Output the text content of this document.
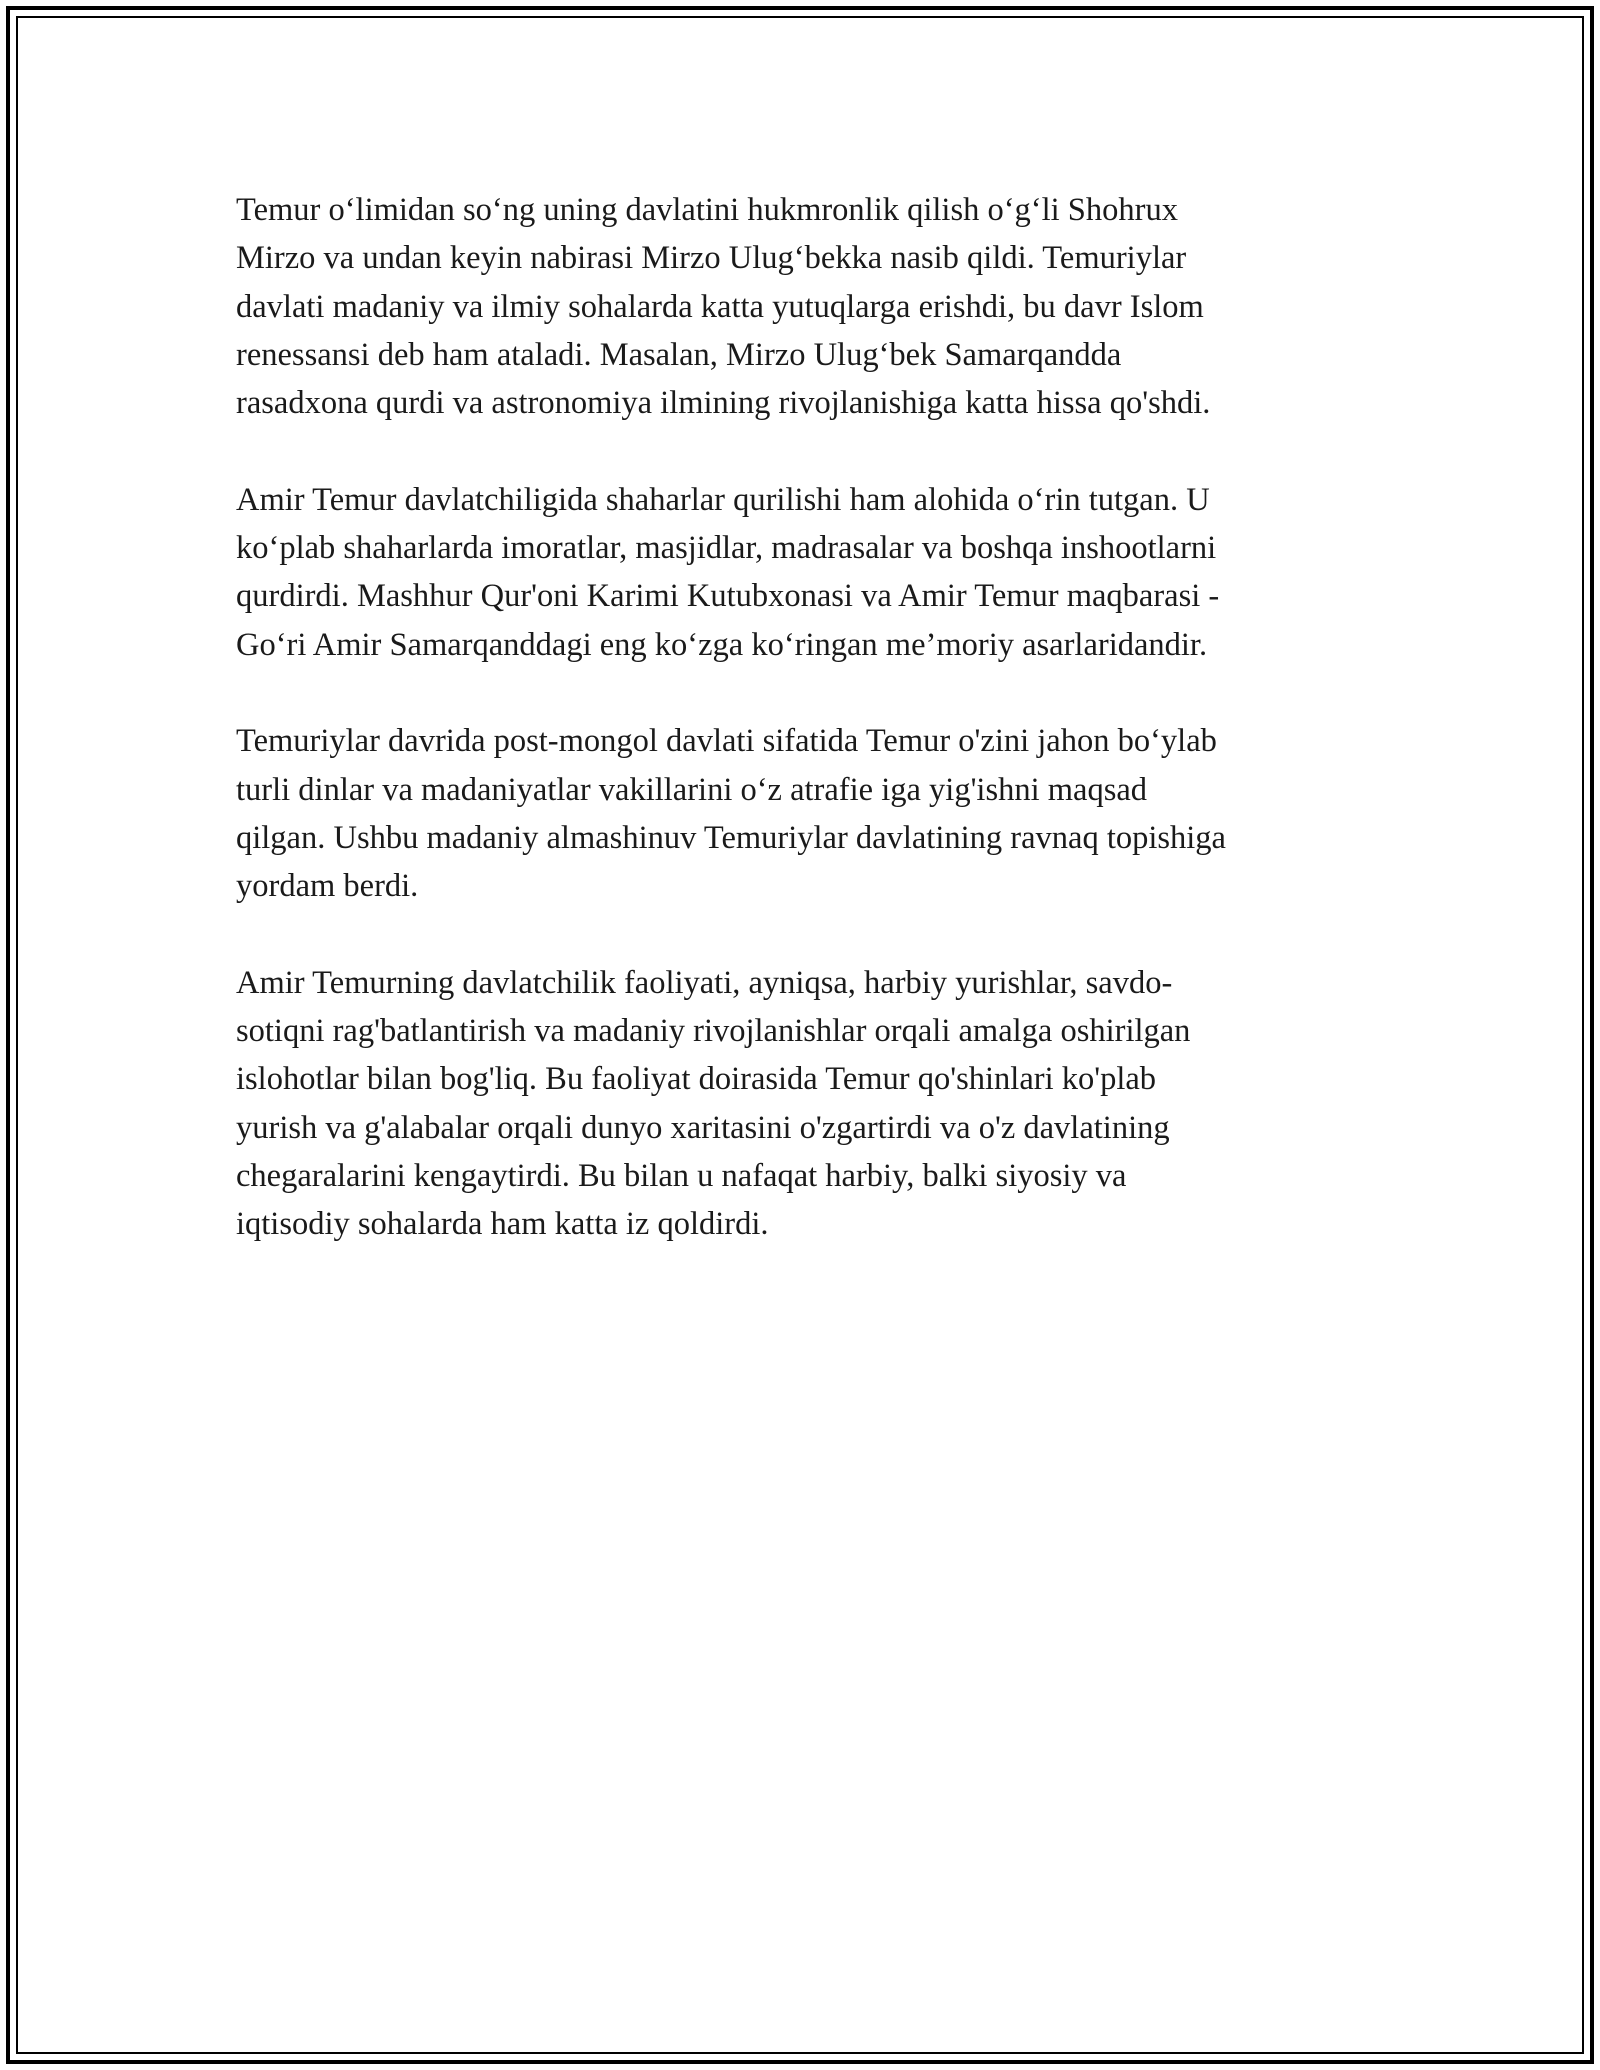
Temur o‘limidan so‘ng uning davlatini hukmronlik qilish o‘g‘li Shohrux
Mirzo va undan keyin nabirasi Mirzo Ulug‘bekka nasib qildi. Temuriylar
davlati madaniy va ilmiy sohalarda katta yutuqlarga erishdi, bu davr Islom
renessansi deb ham ataladi. Masalan, Mirzo Ulug‘bek Samarqandda
rasadxona qurdi va astronomiya ilmining rivojlanishiga katta hissa qo'shdi.

Amir Temur davlatchiligida shaharlar qurilishi ham alohida o‘rin tutgan. U
ko‘plab shaharlarda imoratlar, masjidlar, madrasalar va boshqa inshootlarni
qurdirdi. Mashhur Qur'oni Karimi Kutubxonasi va Amir Temur maqbarasi -
Go‘ri Amir Samarqanddagi eng ko‘zga ko‘ringan me’moriy asarlaridandir.

Temuriylar davrida post-mongol davlati sifatida Temur o'zini jahon bo‘ylab
turli dinlar va madaniyatlar vakillarini o‘z atrafie iga yig'ishni maqsad
qilgan. Ushbu madaniy almashinuv Temuriylar davlatining ravnaq topishiga
yordam berdi.

Amir Temurning davlatchilik faoliyati, ayniqsa, harbiy yurishlar, savdo-
sotiqni rag'batlantirish va madaniy rivojlanishlar orqali amalga oshirilgan
islohotlar bilan bog'liq. Bu faoliyat doirasida Temur qo'shinlari ko'plab
yurish va g'alabalar orqali dunyo xaritasini o'zgartirdi va o'z davlatining
chegaralarini kengaytirdi. Bu bilan u nafaqat harbiy, balki siyosiy va
iqtisodiy sohalarda ham katta iz qoldirdi.
